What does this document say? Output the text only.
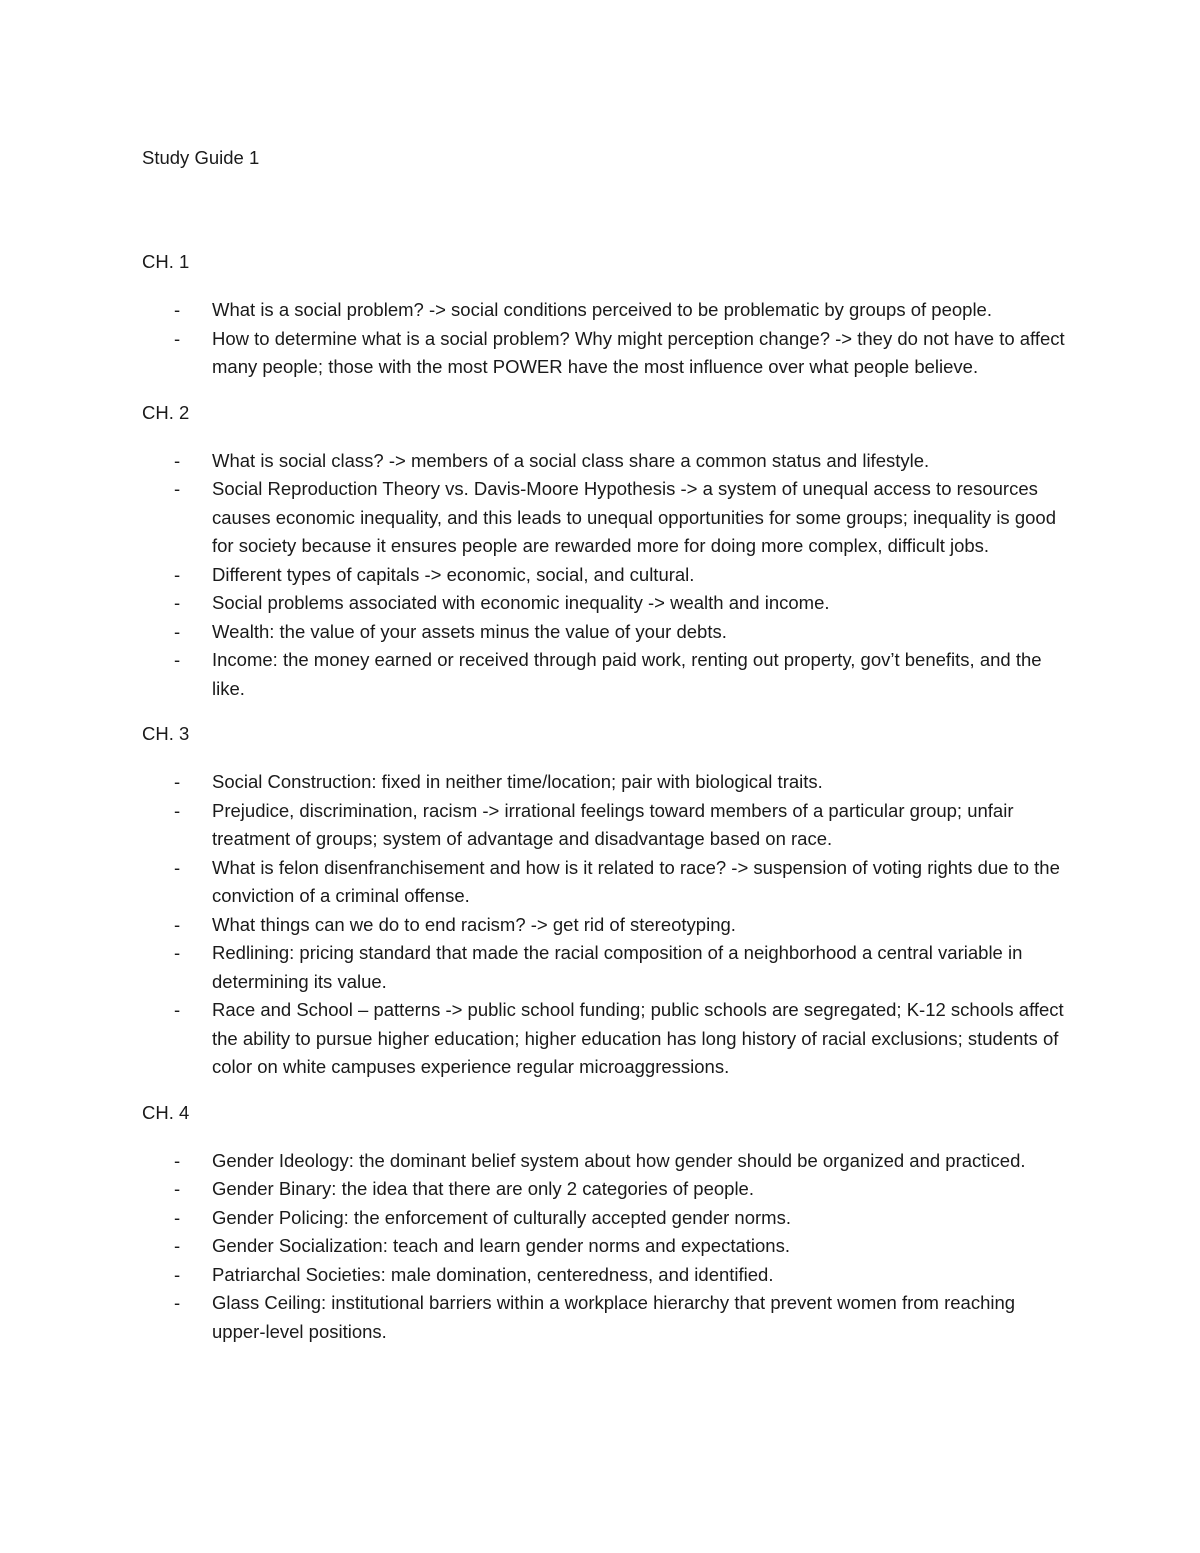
Study Guide 1
CH. 1
- What is a social problem? -> social conditions perceived to be problematic by groups of people.
- How to determine what is a social problem? Why might perception change? -> they do not have to affect many people; those with the most POWER have the most influence over what people believe.
CH. 2
- What is social class? -> members of a social class share a common status and lifestyle.
- Social Reproduction Theory vs. Davis-Moore Hypothesis -> a system of unequal access to resources causes economic inequality, and this leads to unequal opportunities for some groups; inequality is good for society because it ensures people are rewarded more for doing more complex, difficult jobs.
- Different types of capitals -> economic, social, and cultural.
- Social problems associated with economic inequality -> wealth and income.
- Wealth: the value of your assets minus the value of your debts.
- Income: the money earned or received through paid work, renting out property, gov’t benefits, and the like.
CH. 3
- Social Construction: fixed in neither time/location; pair with biological traits.
- Prejudice, discrimination, racism -> irrational feelings toward members of a particular group; unfair treatment of groups; system of advantage and disadvantage based on race.
- What is felon disenfranchisement and how is it related to race? -> suspension of voting rights due to the conviction of a criminal offense.
- What things can we do to end racism? -> get rid of stereotyping.
- Redlining: pricing standard that made the racial composition of a neighborhood a central variable in determining its value.
- Race and School – patterns -> public school funding; public schools are segregated; K-12 schools affect the ability to pursue higher education; higher education has long history of racial exclusions; students of color on white campuses experience regular microaggressions.
CH. 4
- Gender Ideology: the dominant belief system about how gender should be organized and practiced.
- Gender Binary: the idea that there are only 2 categories of people.
- Gender Policing: the enforcement of culturally accepted gender norms.
- Gender Socialization: teach and learn gender norms and expectations.
- Patriarchal Societies: male domination, centeredness, and identified.
- Glass Ceiling: institutional barriers within a workplace hierarchy that prevent women from reaching upper-level positions.
